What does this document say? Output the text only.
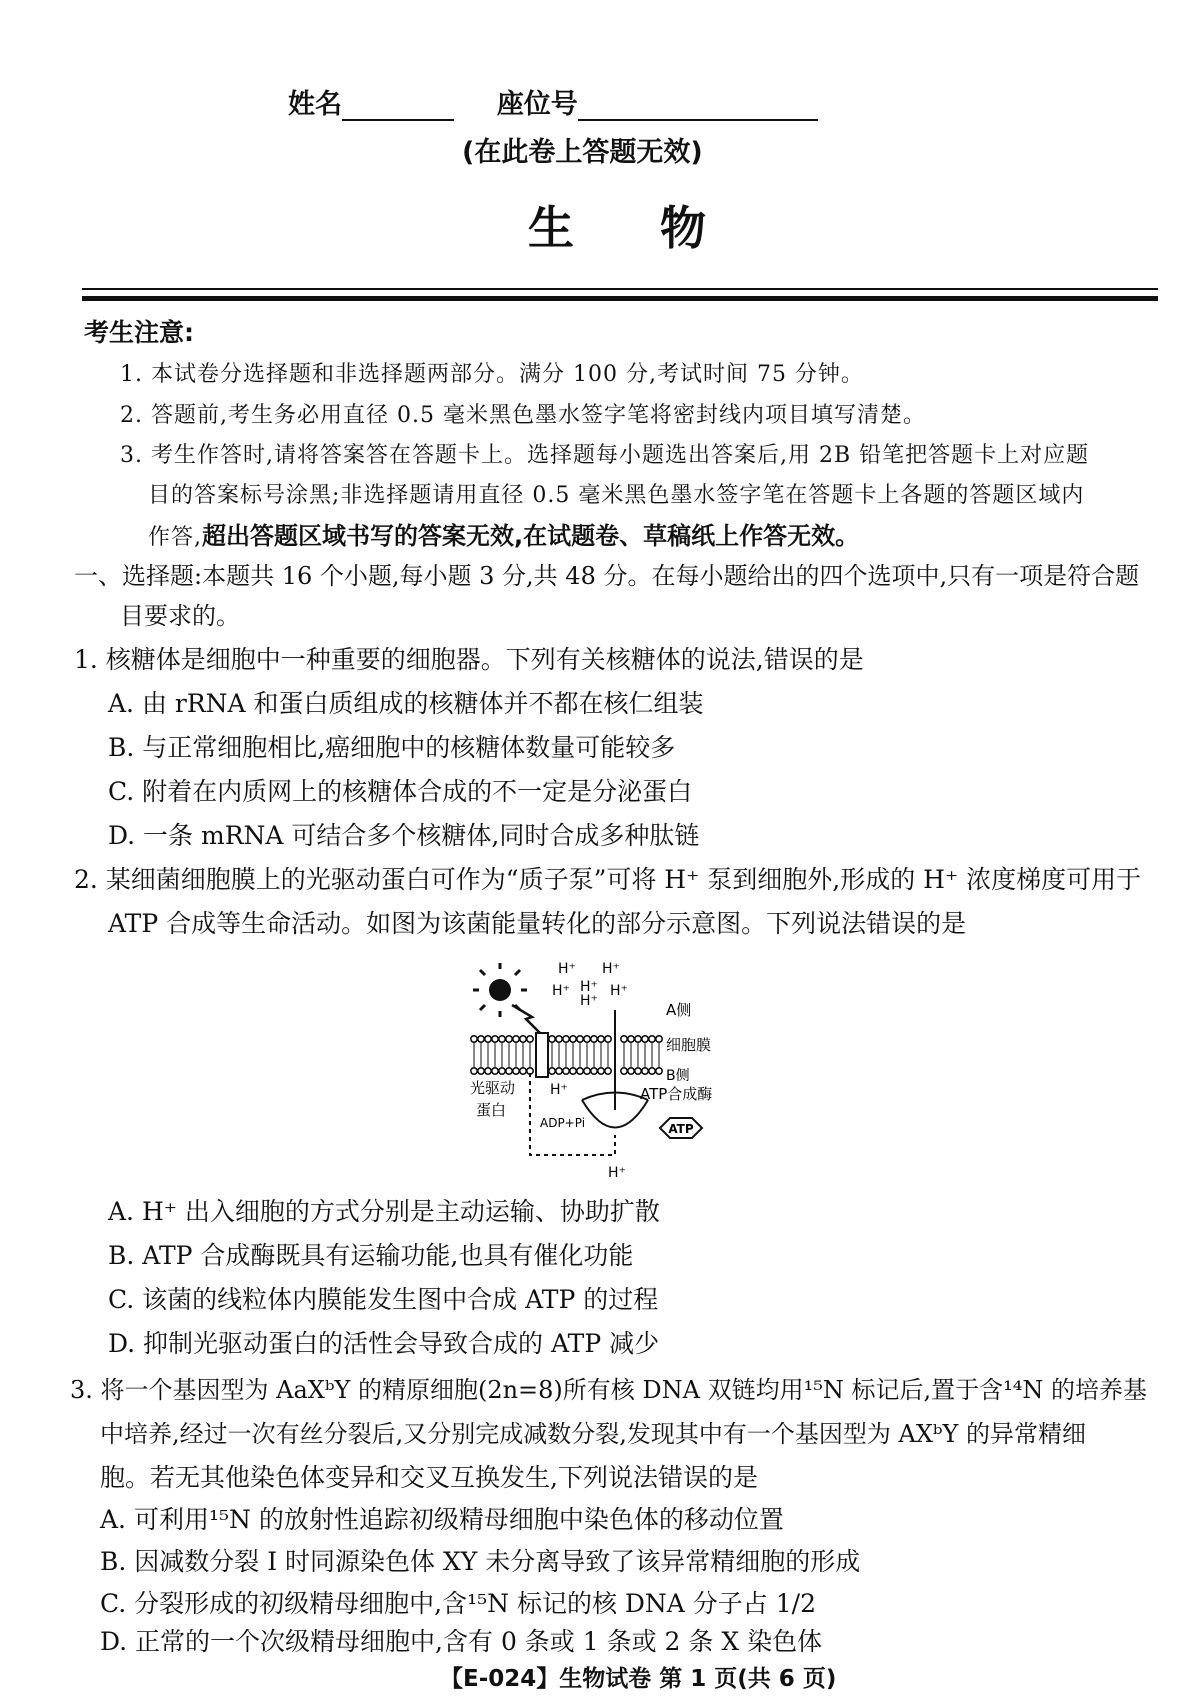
姓名	座位号
(在此卷上答题无效)
生物
考生注意:
1. 本试卷分选择题和非选择题两部分。满分 100 分,考试时间 75 分钟。
2. 答题前,考生务必用直径 0.5 毫米黑色墨水签字笔将密封线内项目填写清楚。
3. 考生作答时,请将答案答在答题卡上。选择题每小题选出答案后,用 2B 铅笔把答题卡上对应题
目的答案标号涂黑;非选择题请用直径 0.5 毫米黑色墨水签字笔在答题卡上各题的答题区域内
作答,超出答题区域书写的答案无效,在试题卷、草稿纸上作答无效。
一、选择题:本题共 16 个小题,每小题 3 分,共 48 分。在每小题给出的四个选项中,只有一项是符合题
目要求的。
1. 核糖体是细胞中一种重要的细胞器。下列有关核糖体的说法,错误的是
A. 由 rRNA 和蛋白质组成的核糖体并不都在核仁组装
B. 与正常细胞相比,癌细胞中的核糖体数量可能较多
C. 附着在内质网上的核糖体合成的不一定是分泌蛋白
D. 一条 mRNA 可结合多个核糖体,同时合成多种肽链
2. 某细菌细胞膜上的光驱动蛋白可作为“质子泵”可将 H⁺ 泵到细胞外,形成的 H⁺ 浓度梯度可用于
ATP 合成等生命活动。如图为该菌能量转化的部分示意图。下列说法错误的是
ATP
H⁺ H⁺
H⁺ H⁺
H⁺
H⁺
H⁺
H⁺
A侧
细胞膜
B侧
ATP合成酶
光驱动
蛋白
ADP+Pi
A. H⁺ 出入细胞的方式分别是主动运输、协助扩散
B. ATP 合成酶既具有运输功能,也具有催化功能
C. 该菌的线粒体内膜能发生图中合成 ATP 的过程
D. 抑制光驱动蛋白的活性会导致合成的 ATP 减少
3. 将一个基因型为 AaXᵇY 的精原细胞(2n=8)所有核 DNA 双链均用¹⁵N 标记后,置于含¹⁴N 的培养基
中培养,经过一次有丝分裂后,又分别完成减数分裂,发现其中有一个基因型为 AXᵇY 的异常精细
胞。若无其他染色体变异和交叉互换发生,下列说法错误的是
A. 可利用¹⁵N 的放射性追踪初级精母细胞中染色体的移动位置
B. 因减数分裂 I 时同源染色体 XY 未分离导致了该异常精细胞的形成
C. 分裂形成的初级精母细胞中,含¹⁵N 标记的核 DNA 分子占 1/2
【E-024】生物试卷 第 1 页(共 6 页)
D. 正常的一个次级精母细胞中,含有 0 条或 1 条或 2 条 X 染色体
